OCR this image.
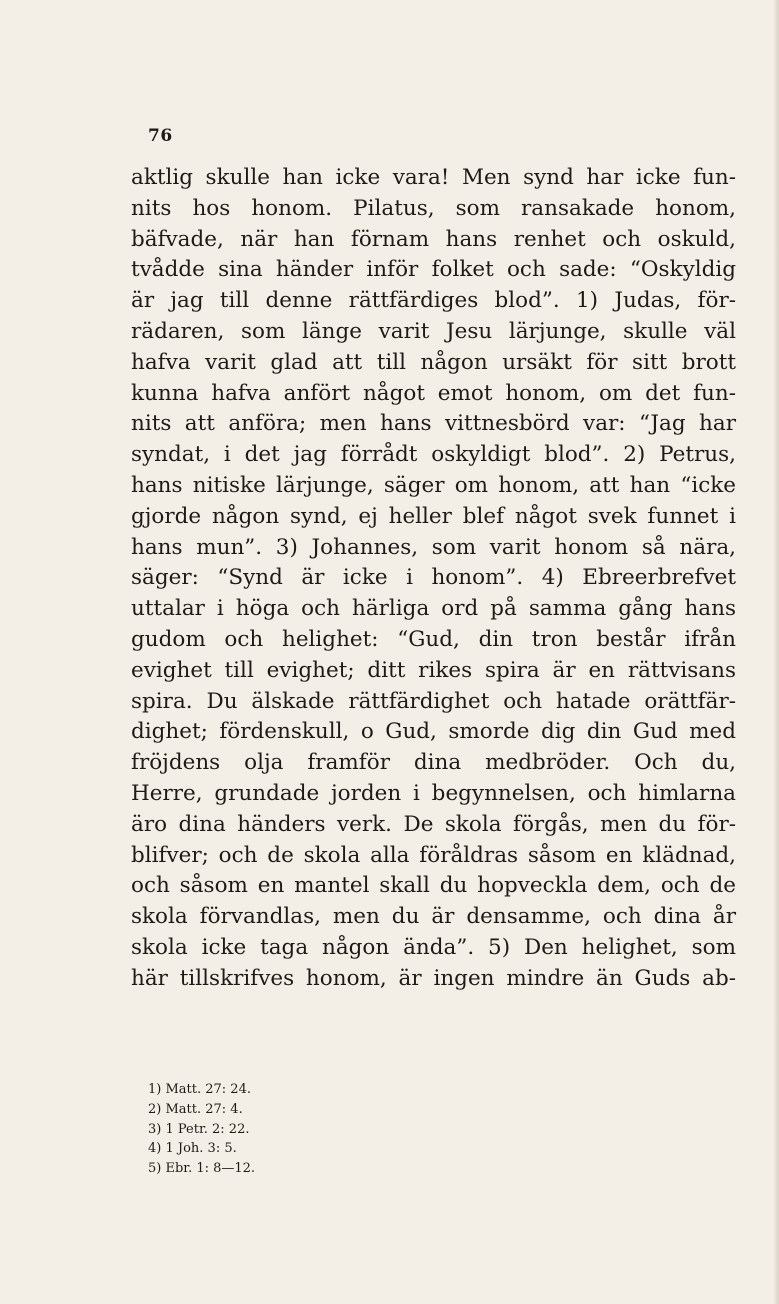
76
aktlig skulle han icke vara! Men synd har icke fun-
nits hos honom. Pilatus, som ransakade honom,
bäfvade, när han förnam hans renhet och oskuld,
tvådde sina händer inför folket och sade: “Oskyldig
är jag till denne rättfärdiges blod”. 1) Judas, för-
rädaren, som länge varit Jesu lärjunge, skulle väl
hafva varit glad att till någon ursäkt för sitt brott
kunna hafva anfört något emot honom, om det fun-
nits att anföra; men hans vittnesbörd var: “Jag har
syndat, i det jag förrådt oskyldigt blod”. 2) Petrus,
hans nitiske lärjunge, säger om honom, att han “icke
gjorde någon synd, ej heller blef något svek funnet i
hans mun”. 3) Johannes, som varit honom så nära,
säger: “Synd är icke i honom”. 4) Ebreerbrefvet
uttalar i höga och härliga ord på samma gång hans
gudom och helighet: “Gud, din tron består ifrån
evighet till evighet; ditt rikes spira är en rättvisans
spira. Du älskade rättfärdighet och hatade orättfär-
dighet; fördenskull, o Gud, smorde dig din Gud med
fröjdens olja framför dina medbröder. Och du,
Herre, grundade jorden i begynnelsen, och himlarna
äro dina händers verk. De skola förgås, men du för-
blifver; och de skola alla föråldras såsom en klädnad,
och såsom en mantel skall du hopveckla dem, och de
skola förvandlas, men du är densamme, och dina år
skola icke taga någon ända”. 5) Den helighet, som
här tillskrifves honom, är ingen mindre än Guds ab-
1) Matt. 27: 24.
2) Matt. 27: 4.
3) 1 Petr. 2: 22.
4) 1 Joh. 3: 5.
5) Ebr. 1: 8—12.
